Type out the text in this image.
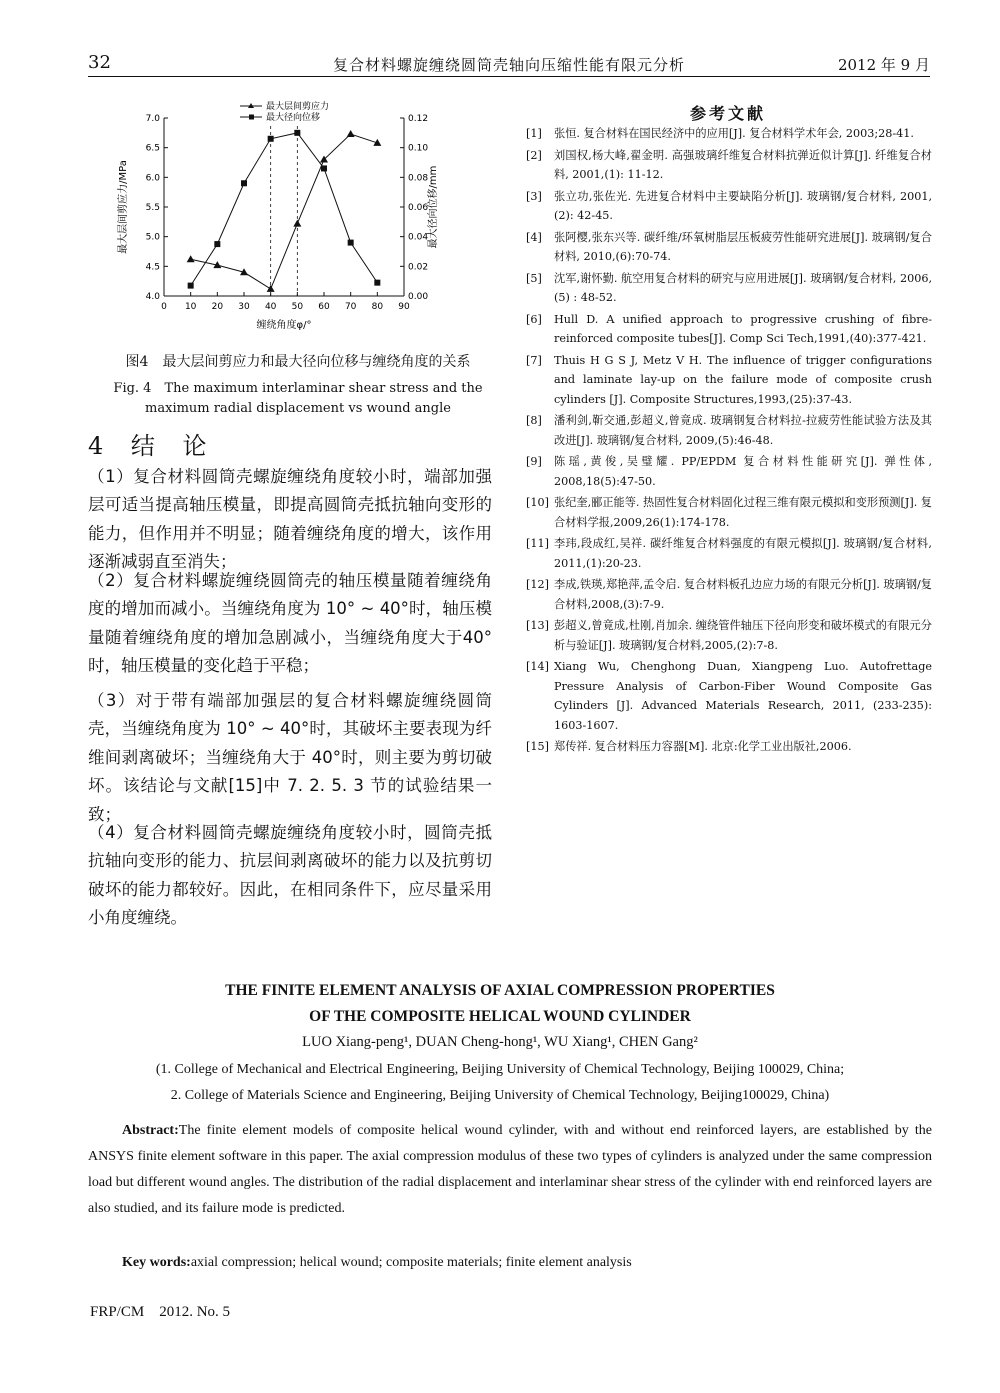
32	复合材料螺旋缠绕圆筒壳轴向压缩性能有限元分析	2012 年 9 月
0 10 20 30 40 50 60 70 80 90
4.0
4.5
5.0
5.5
6.0
6.5
7.0
0.00
0.02
0.04
0.06
0.08
0.10
0.12
最大层间剪应力
最大径向位移
缠绕角度φ/°
最大层间剪应力/MPa	最大径向位移/mm
图4　最大层间剪应力和最大径向位移与缠绕角度的关系
Fig. 4　The maximum interlaminar shear stress and the
maximum radial displacement vs wound angle
4 结 论
（1）复合材料圆筒壳螺旋缠绕角度较小时，端部加强层可适当提高轴压模量，即提高圆筒壳抵抗轴向变形的能力，但作用并不明显；随着缠绕角度的增大，该作用逐渐减弱直至消失；
（2）复合材料螺旋缠绕圆筒壳的轴压模量随着缠绕角度的增加而减小。当缠绕角度为 10° ~ 40°时，轴压模量随着缠绕角度的增加急剧减小，当缠绕角度大于40°时，轴压模量的变化趋于平稳；
（3）对于带有端部加强层的复合材料螺旋缠绕圆筒壳，当缠绕角度为 10° ~ 40°时，其破坏主要表现为纤维间剥离破坏；当缠绕角大于 40°时，则主要为剪切破坏。该结论与文献[15]中 7. 2. 5. 3 节的试验结果一致；
（4）复合材料圆筒壳螺旋缠绕角度较小时，圆筒壳抵抗轴向变形的能力、抗层间剥离破坏的能力以及抗剪切破坏的能力都较好。因此，在相同条件下，应尽量采用小角度缠绕。
参考文献
[1]	张恒. 复合材料在国民经济中的应用[J]. 复合材料学术年会, 2003;28-41.
[2]	刘国权,杨大峰,翟金明. 高强玻璃纤维复合材料抗弹近似计算[J]. 纤维复合材料, 2001,(1): 11-12.
[3]	张立功,张佐光. 先进复合材料中主要缺陷分析[J]. 玻璃钢/复合材料, 2001,(2): 42-45.
[4]	张阿樱,张东兴等. 碳纤维/环氧树脂层压板疲劳性能研究进展[J]. 玻璃钢/复合材料, 2010,(6):70-74.
[5]	沈军,谢怀勤. 航空用复合材料的研究与应用进展[J]. 玻璃钢/复合材料, 2006, (5) : 48-52.
[6]	Hull D. A unified approach to progressive crushing of fibre-reinforced composite tubes[J]. Comp Sci Tech,1991,(40):377-421.
[7]	Thuis H G S J, Metz V H. The influence of trigger configurations and laminate lay-up on the failure mode of composite crush cylinders [J]. Composite Structures,1993,(25):37-43.
[8]	潘利剑,靳交通,彭超义,曾竟成. 玻璃钢复合材料拉-拉疲劳性能试验方法及其改进[J]. 玻璃钢/复合材料, 2009,(5):46-48.
[9]	陈瑶,黄俊,吴璧耀. PP/EPDM 复合材料性能研究[J]. 弹性体, 2008,18(5):47-50.
[10] 张纪奎,郦正能等. 热固性复合材料固化过程三维有限元模拟和变形预测[J]. 复合材料学报,2009,26(1):174-178.
[11] 李玮,段成红,吴祥. 碳纤维复合材料强度的有限元模拟[J]. 玻璃钢/复合材料, 2011,(1):20-23.
[12] 李成,铁瑛,郑艳萍,孟令启. 复合材料板孔边应力场的有限元分析[J]. 玻璃钢/复合材料,2008,(3):7-9.
[13] 彭超义,曾竟成,杜刚,肖加余. 缠绕管件轴压下径向形变和破坏模式的有限元分析与验证[J]. 玻璃钢/复合材料,2005,(2):7-8.
[14] Xiang Wu, Chenghong Duan, Xiangpeng Luo. Autofrettage Pressure Analysis of Carbon-Fiber Wound Composite Gas Cylinders [J]. Advanced Materials Research, 2011, (233-235): 1603-1607.
[15] 郑传祥. 复合材料压力容器[M]. 北京:化学工业出版社,2006.
THE FINITE ELEMENT ANALYSIS OF AXIAL COMPRESSION PROPERTIES
OF THE COMPOSITE HELICAL WOUND CYLINDER
LUO Xiang-peng¹, DUAN Cheng-hong¹, WU Xiang¹, CHEN Gang²
(1. College of Mechanical and Electrical Engineering, Beijing University of Chemical Technology, Beijing 100029, China;
2. College of Materials Science and Engineering, Beijing University of Chemical Technology, Beijing100029, China)
Abstract:The finite element models of composite helical wound cylinder, with and without end reinforced layers, are established by the ANSYS finite element software in this paper. The axial compression modulus of these two types of cylinders is analyzed under the same compression load but different wound angles. The distribution of the radial displacement and interlaminar shear stress of the cylinder with end reinforced layers are also studied, and its failure mode is predicted.
Key words:axial compression; helical wound; composite materials; finite element analysis
FRP/CM　2012. No. 5
